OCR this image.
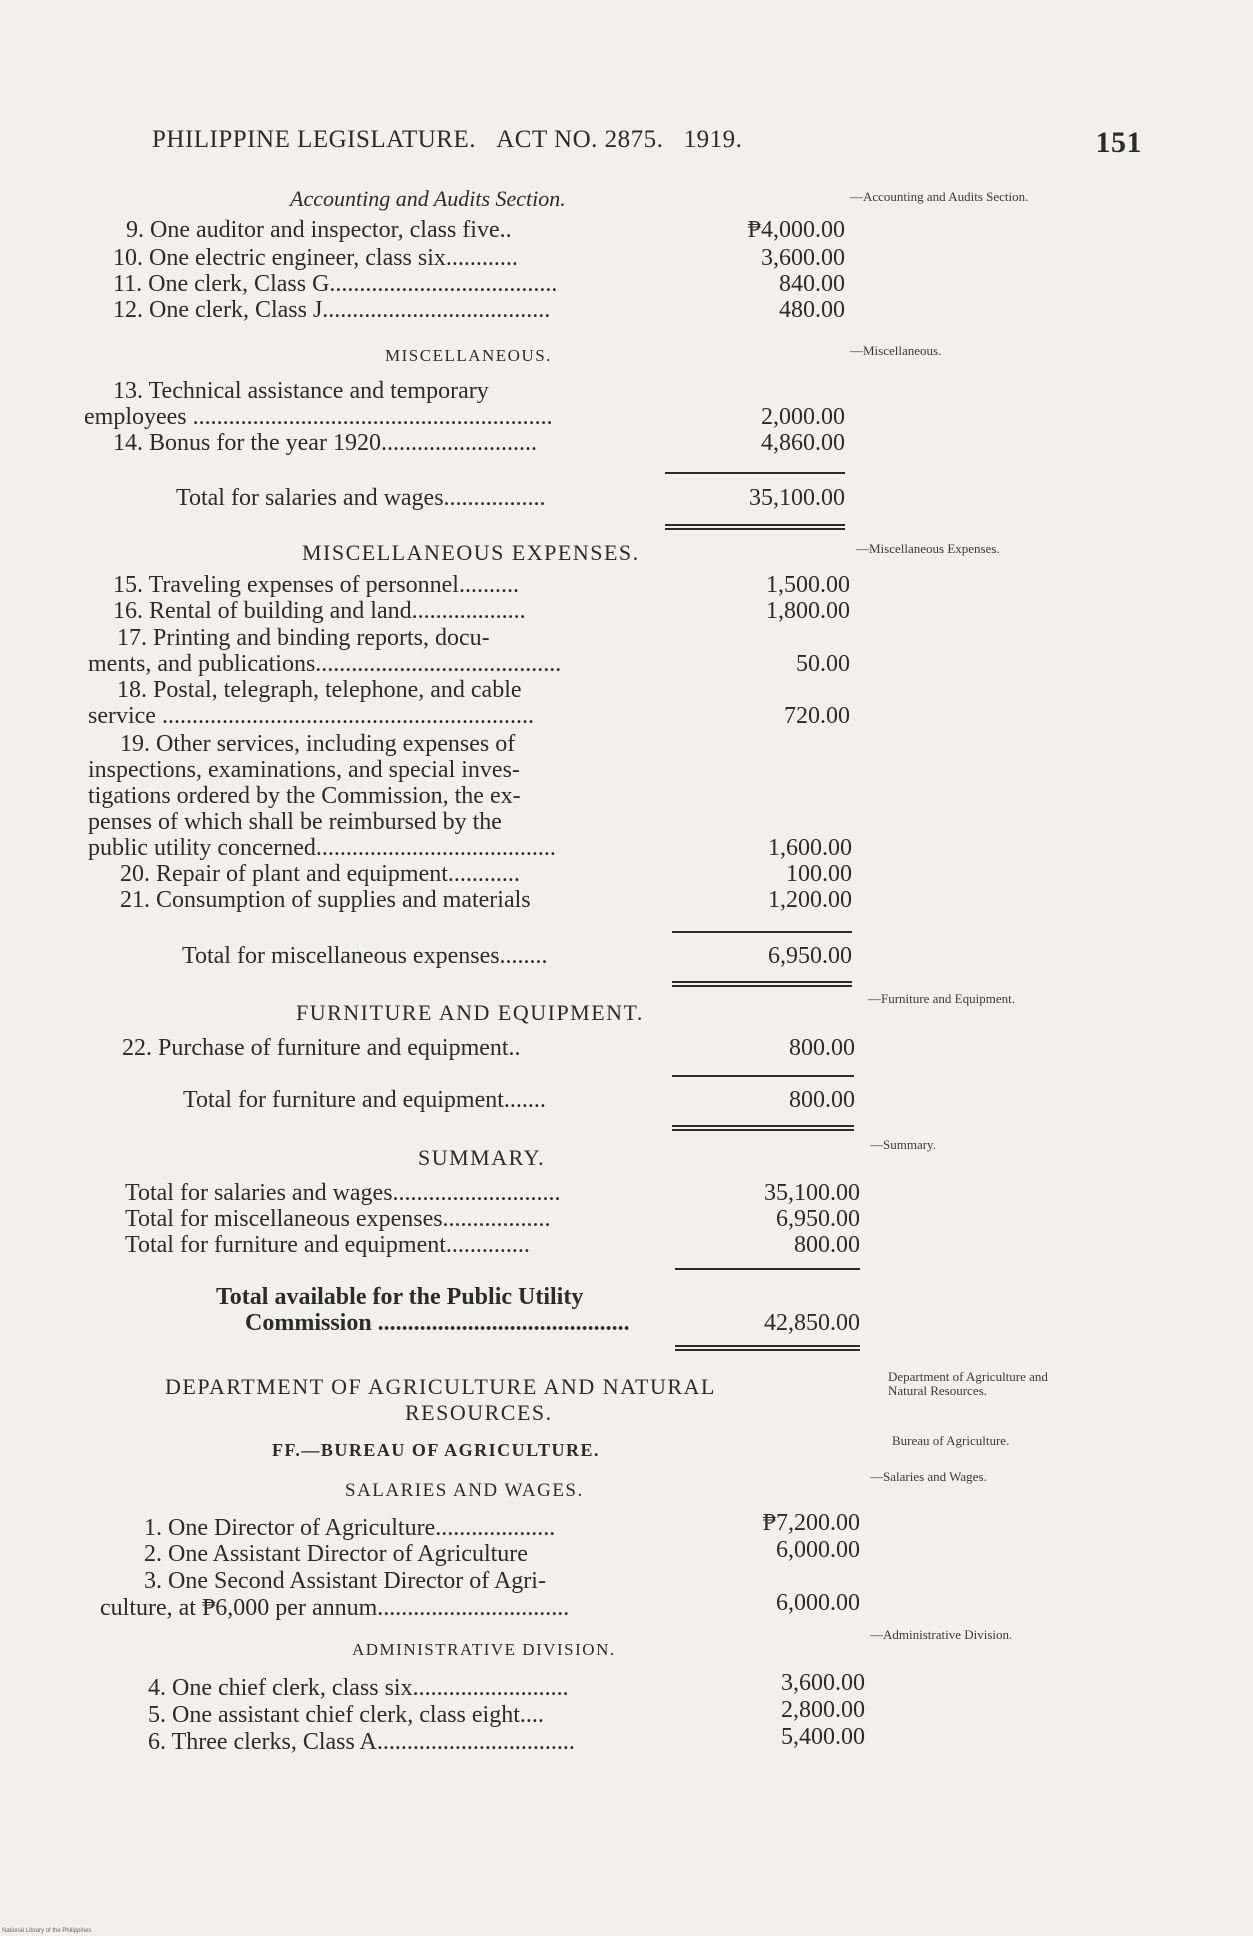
PHILIPPINE LEGISLATURE. ACT NO. 2875. 1919.	151
Accounting and Audits Section.	—Accounting and Audits Section.
9. One auditor and inspector, class five..	₱4,000.00
10. One electric engineer, class six............	3,600.00
11. One clerk, Class G......................................	840.00
12. One clerk, Class J......................................	480.00
MISCELLANEOUS.	—Miscellaneous.
13. Technical assistance and temporary
employees ............................................................	2,000.00
14. Bonus for the year 1920..........................	4,860.00
Total for salaries and wages.................	35,100.00
MISCELLANEOUS EXPENSES.	—Miscellaneous Expenses.
15. Traveling expenses of personnel..........	1,500.00
16. Rental of building and land...................	1,800.00
17. Printing and binding reports, docu-
ments, and publications.........................................	50.00
18. Postal, telegraph, telephone, and cable
service ..............................................................	720.00
19. Other services, including expenses of
inspections, examinations, and special inves-
tigations ordered by the Commission, the ex-
penses of which shall be reimbursed by the
public utility concerned........................................	1,600.00
20. Repair of plant and equipment............	100.00
21. Consumption of supplies and materials	1,200.00
Total for miscellaneous expenses........	6,950.00
FURNITURE AND EQUIPMENT.
—Furniture and Equipment.
22. Purchase of furniture and equipment..	800.00
Total for furniture and equipment.......	800.00
SUMMARY.
—Summary.
Total for salaries and wages............................	35,100.00
Total for miscellaneous expenses..................	6,950.00
Total for furniture and equipment..............	800.00
Total available for the Public Utility
Commission ..........................................	42,850.00
DEPARTMENT OF AGRICULTURE AND NATURAL
RESOURCES.
Department of Agriculture and Natural Resources.
FF.—BUREAU OF AGRICULTURE.	Bureau of Agriculture.
SALARIES AND WAGES.
—Salaries and Wages.
1. One Director of Agriculture....................	₱7,200.00
2. One Assistant Director of Agriculture	6,000.00
3. One Second Assistant Director of Agri-
culture, at ₱6,000 per annum................................	6,000.00
ADMINISTRATIVE DIVISION.
—Administrative Division.
4. One chief clerk, class six..........................	3,600.00
5. One assistant chief clerk, class eight....	2,800.00
6. Three clerks, Class A.................................	5,400.00
National Library of the Philippines
